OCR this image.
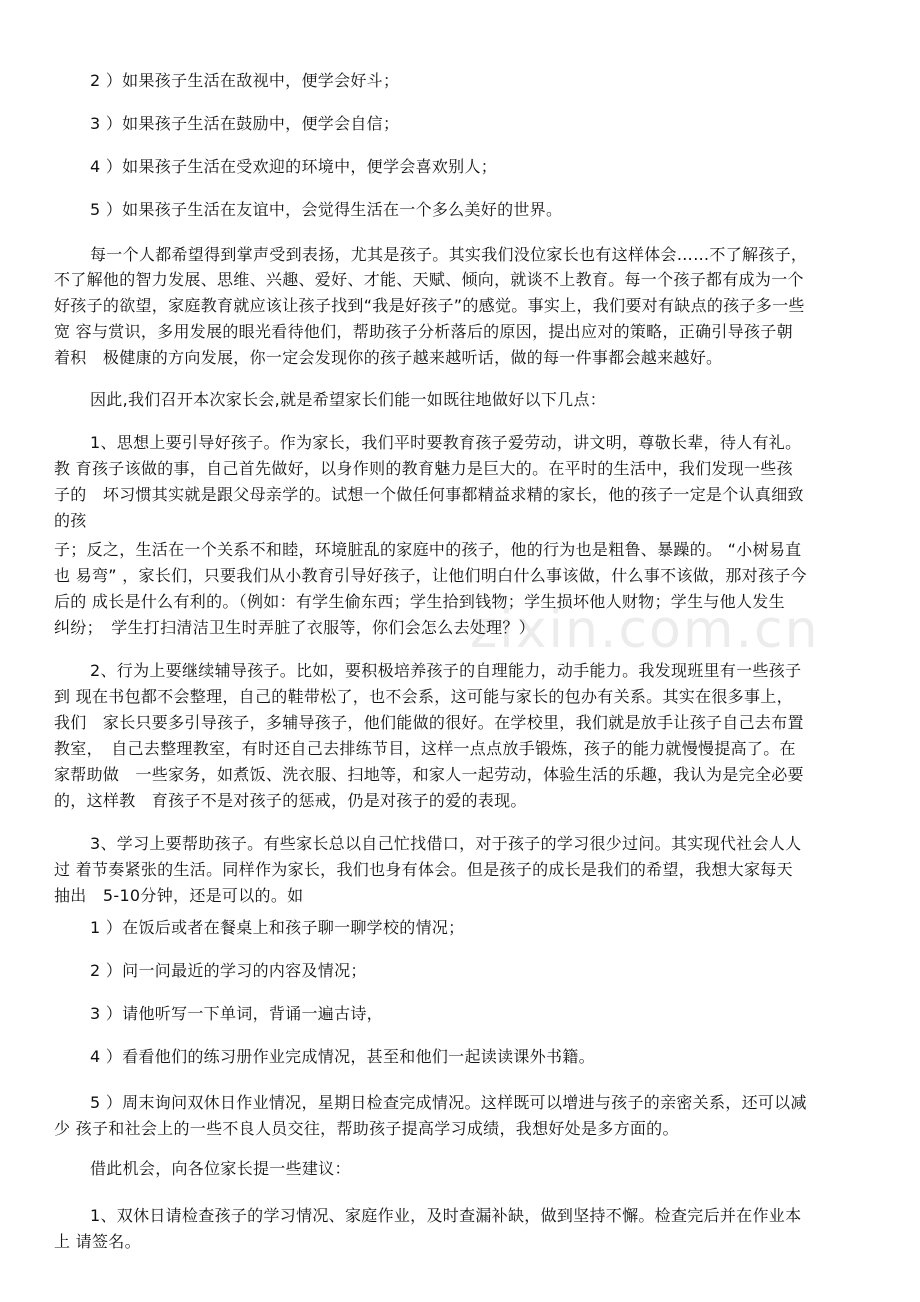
zixin.com.cn
2 ）如果孩子生活在敌视中，便学会好斗；
3 ）如果孩子生活在鼓励中，便学会自信；
4 ）如果孩子生活在受欢迎的环境中，便学会喜欢别人；
5 ）如果孩子生活在友谊中，会觉得生活在一个多么美好的世界。
每一个人都希望得到掌声受到表扬，尤其是孩子。其实我们没位家长也有这样体会……不了解孩子，
不了解他的智力发展、思维、兴趣、爱好、才能、天赋、倾向，就谈不上教育。每一个孩子都有成为一个
好孩子的欲望，家庭教育就应该让孩子找到“我是好孩子”的感觉。事实上，我们要对有缺点的孩子多一些
宽 容与赏识，多用发展的眼光看待他们，帮助孩子分析落后的原因，提出应对的策略，正确引导孩子朝
着积　极健康的方向发展，你一定会发现你的孩子越来越听话，做的每一件事都会越来越好。
因此,我们召开本次家长会,就是希望家长们能一如既往地做好以下几点：
1、思想上要引导好孩子。作为家长，我们平时要教育孩子爱劳动，讲文明，尊敬长辈，待人有礼。
教 育孩子该做的事，自己首先做好，以身作则的教育魅力是巨大的。在平时的生活中，我们发现一些孩
子的　坏习惯其实就是跟父母亲学的。试想一个做任何事都精益求精的家长，他的孩子一定是个认真细致
的孩
子；反之，生活在一个关系不和睦，环境脏乱的家庭中的孩子，他的行为也是粗鲁、暴躁的。 “小树易直
也 易弯” ，家长们，只要我们从小教育引导好孩子，让他们明白什么事该做，什么事不该做，那对孩子今
后的 成长是什么有利的。（例如：有学生偷东西；学生拾到钱物；学生损坏他人财物；学生与他人发生
纠纷；　学生打扫清洁卫生时弄脏了衣服等，你们会怎么去处理？）
2、行为上要继续辅导孩子。比如，要积极培养孩子的自理能力，动手能力。我发现班里有一些孩子
到 现在书包都不会整理，自己的鞋带松了，也不会系，这可能与家长的包办有关系。其实在很多事上，
我们　家长只要多引导孩子，多辅导孩子，他们能做的很好。在学校里，我们就是放手让孩子自己去布置
教室，　自己去整理教室，有时还自己去排练节目，这样一点点放手锻炼，孩子的能力就慢慢提高了。在
家帮助做　一些家务，如煮饭、洗衣服、扫地等，和家人一起劳动，体验生活的乐趣，我认为是完全必要
的，这样教　育孩子不是对孩子的惩戒，仍是对孩子的爱的表现。
3、学习上要帮助孩子。有些家长总以自己忙找借口，对于孩子的学习很少过问。其实现代社会人人
过 着节奏紧张的生活。同样作为家长，我们也身有体会。但是孩子的成长是我们的希望，我想大家每天
抽出　5-10分钟，还是可以的。如
1 ）在饭后或者在餐桌上和孩子聊一聊学校的情况；
2 ）问一问最近的学习的内容及情况；
3 ）请他听写一下单词，背诵一遍古诗，
4 ）看看他们的练习册作业完成情况，甚至和他们一起读读课外书籍。
5 ）周末询问双休日作业情况，星期日检查完成情况。这样既可以增进与孩子的亲密关系，还可以减
少 孩子和社会上的一些不良人员交往，帮助孩子提高学习成绩，我想好处是多方面的。
借此机会，向各位家长提一些建议：
1、双休日请检查孩子的学习情况、家庭作业，及时查漏补缺，做到坚持不懈。检查完后并在作业本
上 请签名。
